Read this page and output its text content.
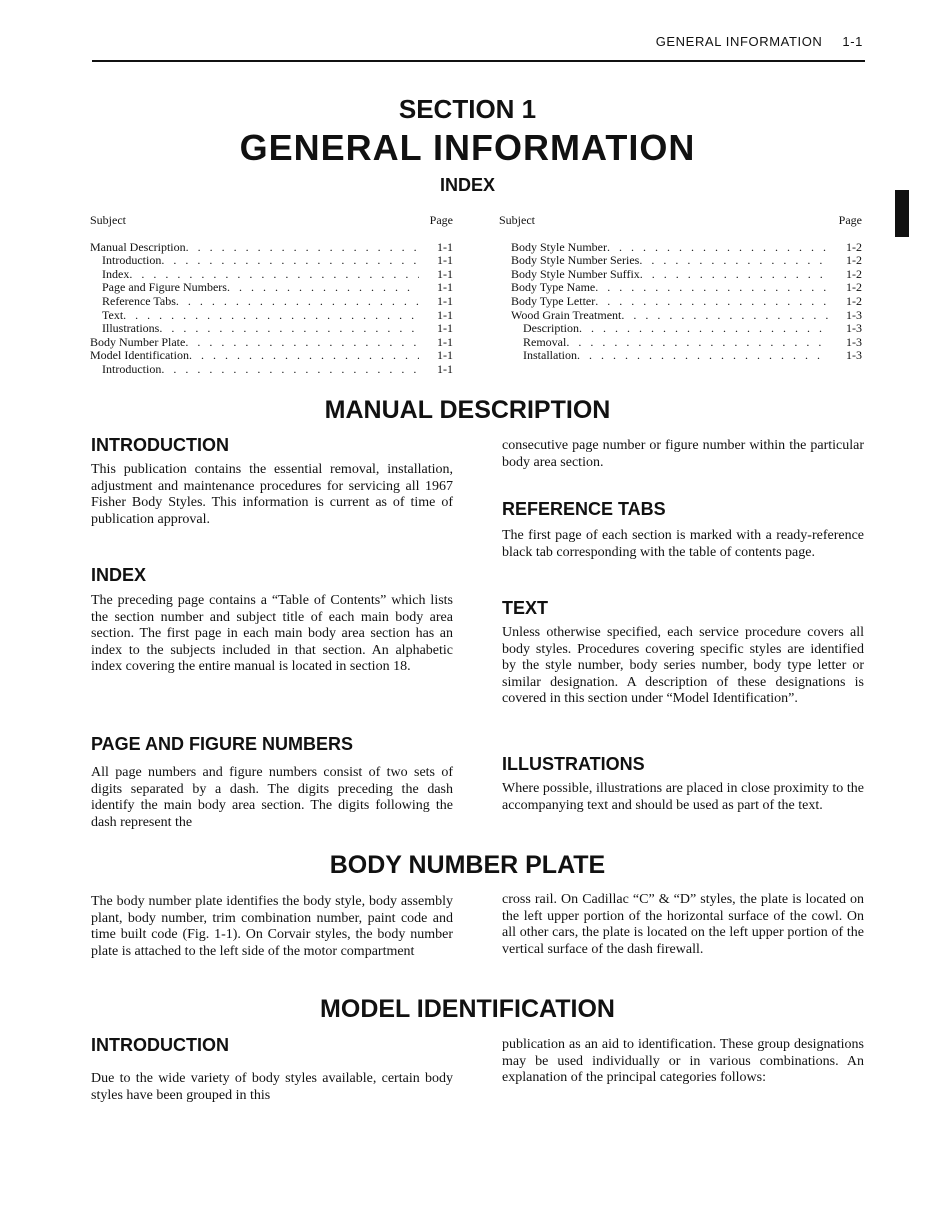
GENERAL INFORMATION 1-1
SECTION 1
GENERAL INFORMATION
INDEX
Subject	Page
Manual Description . . .	1-1
Introduction . . .	1-1
Index . . .	1-1
Page and Figure Numbers . . .	1-1
Reference Tabs . . .	1-1
Text . . .	1-1
Illustrations . . .	1-1
Body Number Plate . . .	1-1
Model Identification . . .	1-1
Introduction . . .	1-1
Subject	Page
Body Style Number . . .	1-2
Body Style Number Series . . .	1-2
Body Style Number Suffix . . .	1-2
Body Type Name . . .	1-2
Body Type Letter . . .	1-2
Wood Grain Treatment . . .	1-3
Description . . .	1-3
Removal . . .	1-3
Installation . . .	1-3
MANUAL DESCRIPTION
INTRODUCTION

This publication contains the essential removal, installation, adjustment and maintenance procedures for servicing all 1967 Fisher Body Styles. This information is current as of time of publication approval.

INDEX

The preceding page contains a “Table of Contents” which lists the section number and subject title of each main body area section. The first page in each main body area section has an index to the subjects included in that section. An alphabetic index covering the entire manual is located in section 18.

PAGE AND FIGURE NUMBERS

All page numbers and figure numbers consist of two sets of digits separated by a dash. The digits preceding the dash identify the main body area section. The digits following the dash represent the

consecutive page number or figure number within the particular body area section.

REFERENCE TABS

The first page of each section is marked with a ready-reference black tab corresponding with the table of contents page.

TEXT

Unless otherwise specified, each service procedure covers all body styles. Procedures covering specific styles are identified by the style number, body series number, body type letter or similar designation. A description of these designations is covered in this section under “Model Identification”.

ILLUSTRATIONS

Where possible, illustrations are placed in close proximity to the accompanying text and should be used as part of the text.

BODY NUMBER PLATE

The body number plate identifies the body style, body assembly plant, body number, trim combination number, paint code and time built code (Fig. 1-1). On Corvair styles, the body number plate is attached to the left side of the motor compartment

cross rail. On Cadillac “C” & “D” styles, the plate is located on the left upper portion of the horizontal surface of the cowl. On all other cars, the plate is located on the left upper portion of the vertical surface of the dash firewall.

MODEL IDENTIFICATION
INTRODUCTION

Due to the wide variety of body styles available, certain body styles have been grouped in this

publication as an aid to identification. These group designations may be used individually or in various combinations. An explanation of the principal categories follows:
